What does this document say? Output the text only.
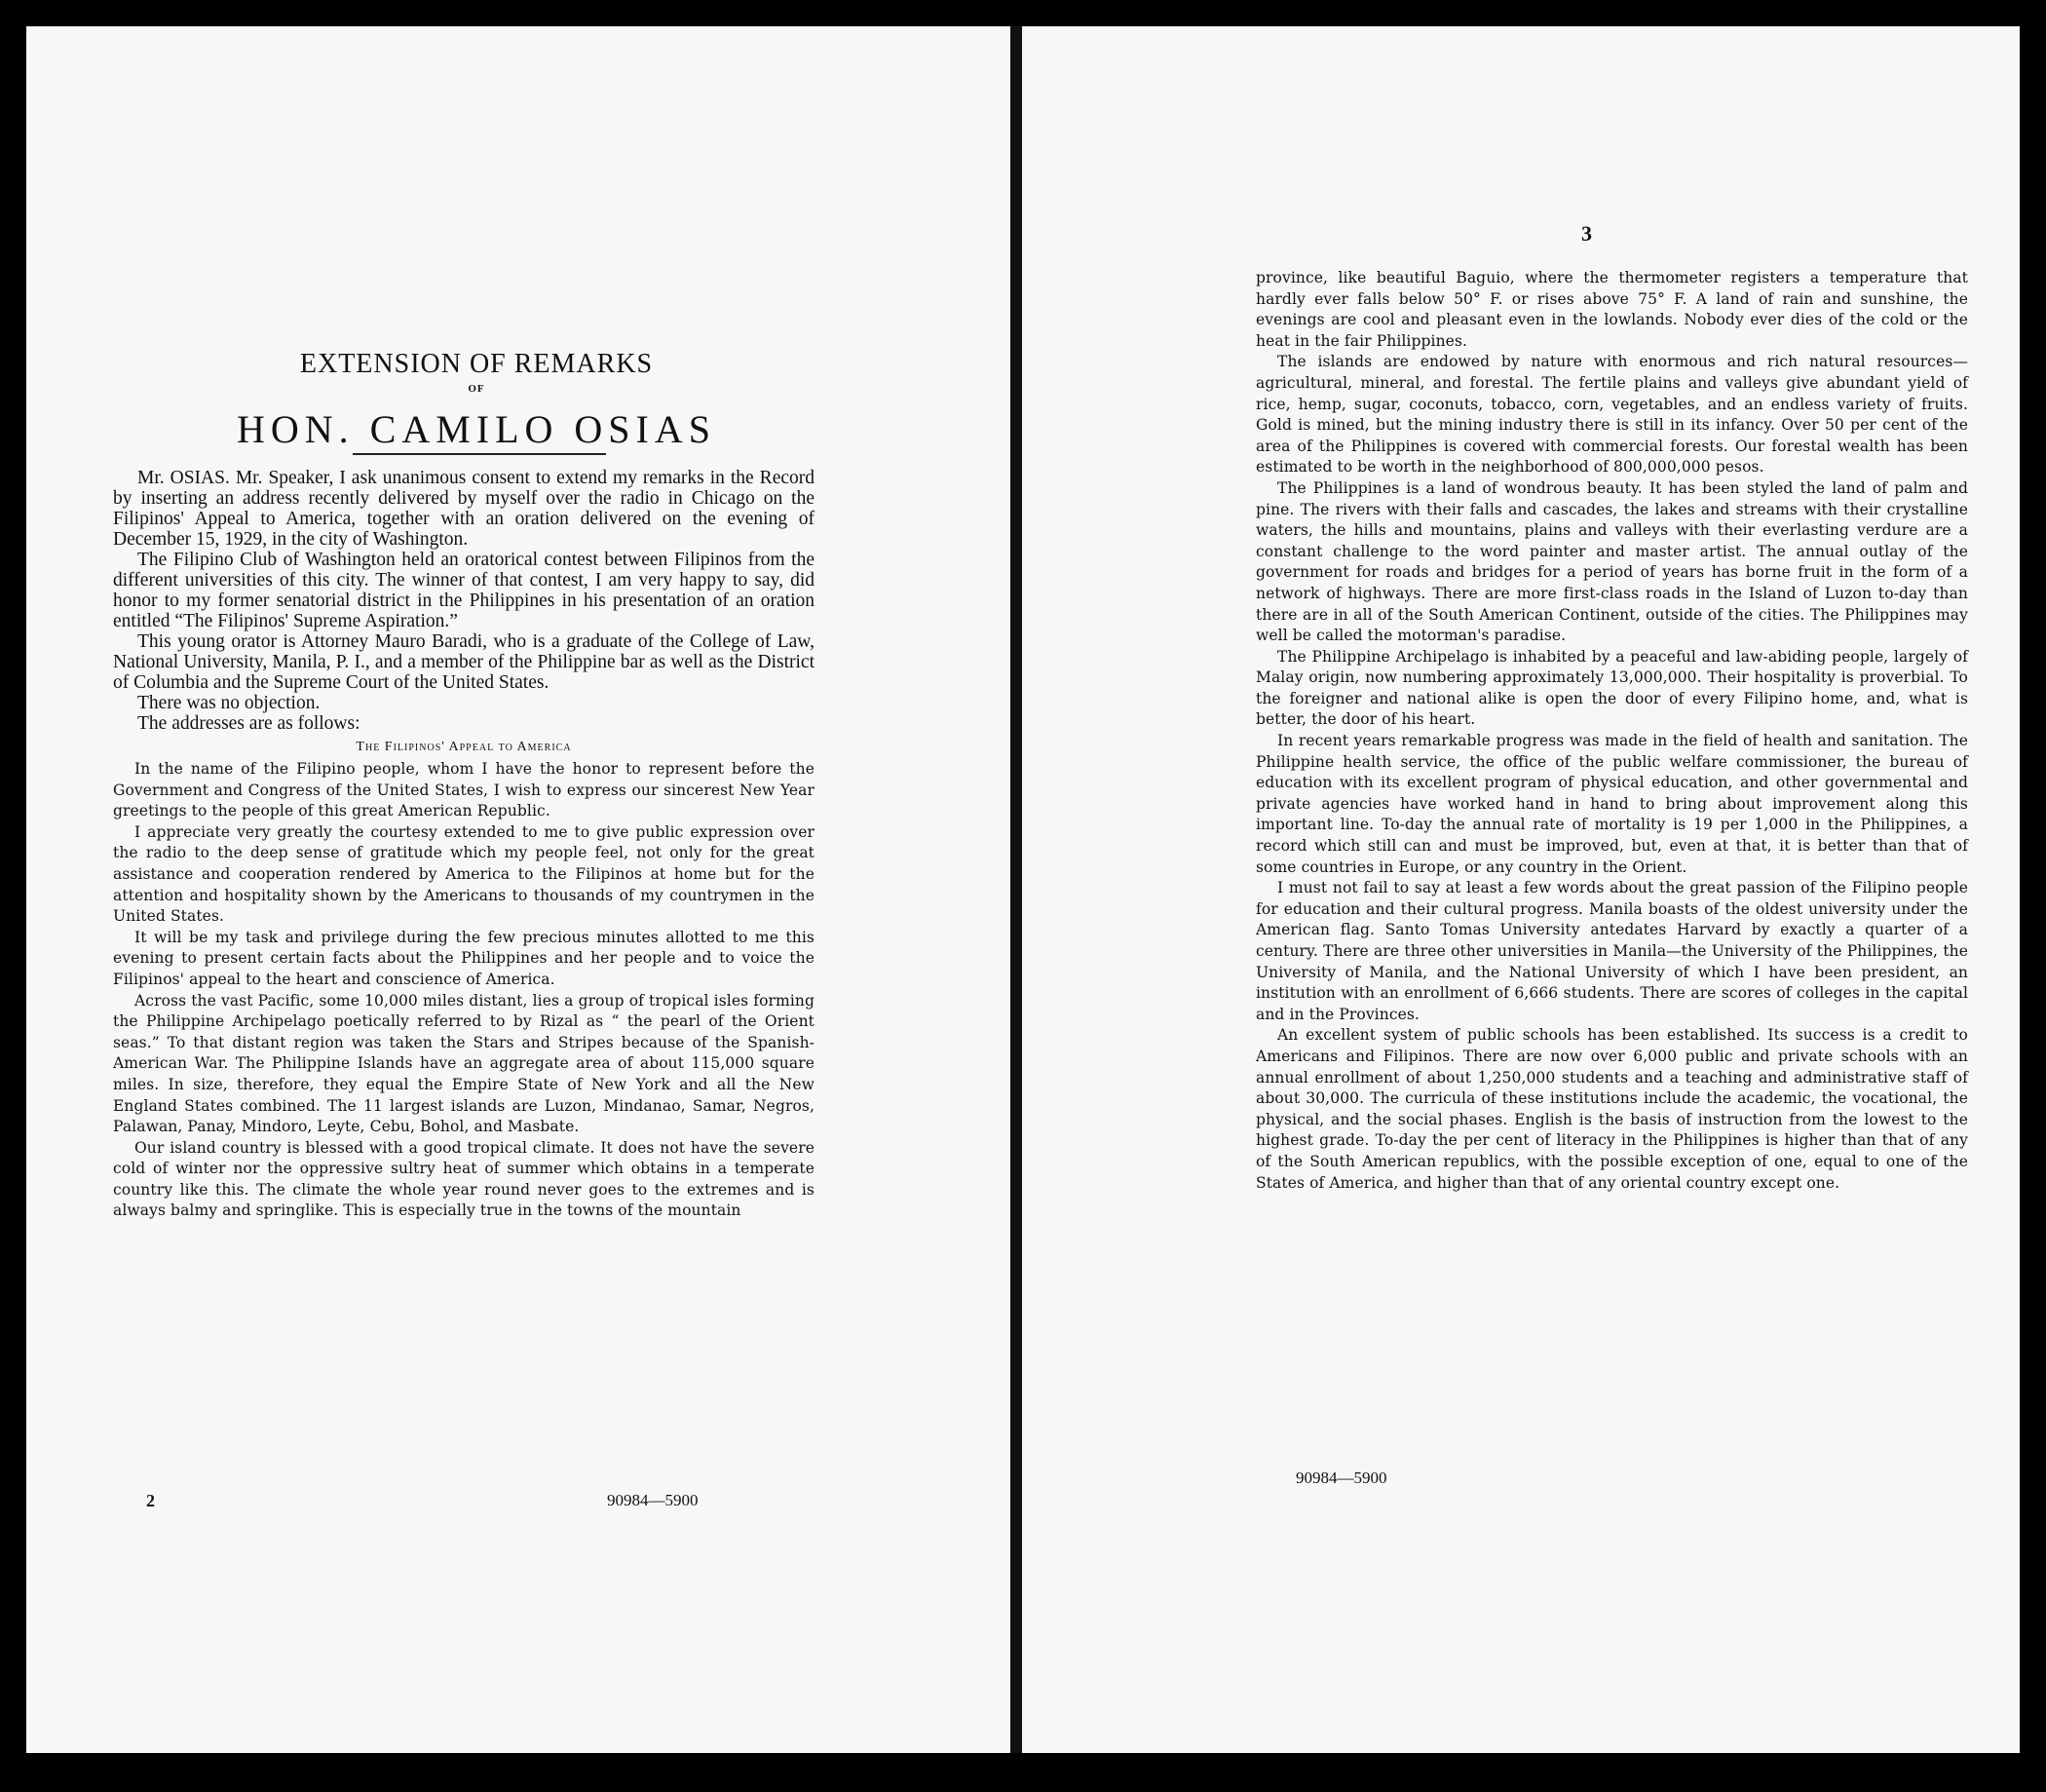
EXTENSION OF REMARKS
OF
HON. CAMILO OSIAS

Mr. OSIAS. Mr. Speaker, I ask unanimous consent to extend my remarks in the Record by inserting an address recently delivered by myself over the radio in Chicago on the Filipinos' Appeal to America, together with an oration delivered on the evening of December 15, 1929, in the city of Washington.

The Filipino Club of Washington held an oratorical contest between Filipinos from the different universities of this city. The winner of that contest, I am very happy to say, did honor to my former senatorial district in the Philippines in his presentation of an oration entitled “The Filipinos' Supreme Aspiration.”

This young orator is Attorney Mauro Baradi, who is a graduate of the College of Law, National University, Manila, P. I., and a member of the Philippine bar as well as the District of Columbia and the Supreme Court of the United States.

There was no objection.

The addresses are as follows:

The Filipinos' Appeal to America

In the name of the Filipino people, whom I have the honor to represent before the Government and Congress of the United States, I wish to express our sincerest New Year greetings to the people of this great American Republic.

I appreciate very greatly the courtesy extended to me to give public expression over the radio to the deep sense of gratitude which my people feel, not only for the great assistance and cooperation rendered by America to the Filipinos at home but for the attention and hospitality shown by the Americans to thousands of my countrymen in the United States.

It will be my task and privilege during the few precious minutes allotted to me this evening to present certain facts about the Philippines and her people and to voice the Filipinos' appeal to the heart and conscience of America.

Across the vast Pacific, some 10,000 miles distant, lies a group of tropical isles forming the Philippine Archipelago poetically referred to by Rizal as “ the pearl of the Orient seas.” To that distant region was taken the Stars and Stripes because of the Spanish-American War. The Philippine Islands have an aggregate area of about 115,000 square miles. In size, therefore, they equal the Empire State of New York and all the New England States combined. The 11 largest islands are Luzon, Mindanao, Samar, Negros, Palawan, Panay, Mindoro, Leyte, Cebu, Bohol, and Masbate.

Our island country is blessed with a good tropical climate. It does not have the severe cold of winter nor the oppressive sultry heat of summer which obtains in a temperate country like this. The climate the whole year round never goes to the extremes and is always balmy and springlike. This is especially true in the towns of the mountain

2	90984—5900
3

province, like beautiful Baguio, where the thermometer registers a temperature that hardly ever falls below 50° F. or rises above 75° F. A land of rain and sunshine, the evenings are cool and pleasant even in the lowlands. Nobody ever dies of the cold or the heat in the fair Philippines.

The islands are endowed by nature with enormous and rich natural resources—agricultural, mineral, and forestal. The fertile plains and valleys give abundant yield of rice, hemp, sugar, coconuts, tobacco, corn, vegetables, and an endless variety of fruits. Gold is mined, but the mining industry there is still in its infancy. Over 50 per cent of the area of the Philippines is covered with commercial forests. Our forestal wealth has been estimated to be worth in the neighborhood of 800,000,000 pesos.

The Philippines is a land of wondrous beauty. It has been styled the land of palm and pine. The rivers with their falls and cascades, the lakes and streams with their crystalline waters, the hills and mountains, plains and valleys with their everlasting verdure are a constant challenge to the word painter and master artist. The annual outlay of the government for roads and bridges for a period of years has borne fruit in the form of a network of highways. There are more first-class roads in the Island of Luzon to-day than there are in all of the South American Continent, outside of the cities. The Philippines may well be called the motorman's paradise.

The Philippine Archipelago is inhabited by a peaceful and law-abiding people, largely of Malay origin, now numbering approximately 13,000,000. Their hospitality is proverbial. To the foreigner and national alike is open the door of every Filipino home, and, what is better, the door of his heart.

In recent years remarkable progress was made in the field of health and sanitation. The Philippine health service, the office of the public welfare commissioner, the bureau of education with its excellent program of physical education, and other governmental and private agencies have worked hand in hand to bring about improvement along this important line. To-day the annual rate of mortality is 19 per 1,000 in the Philippines, a record which still can and must be improved, but, even at that, it is better than that of some countries in Europe, or any country in the Orient.

I must not fail to say at least a few words about the great passion of the Filipino people for education and their cultural progress. Manila boasts of the oldest university under the American flag. Santo Tomas University antedates Harvard by exactly a quarter of a century. There are three other universities in Manila—the University of the Philippines, the University of Manila, and the National University of which I have been president, an institution with an enrollment of 6,666 students. There are scores of colleges in the capital and in the Provinces.

An excellent system of public schools has been established. Its success is a credit to Americans and Filipinos. There are now over 6,000 public and private schools with an annual enrollment of about 1,250,000 students and a teaching and administrative staff of about 30,000. The curricula of these institutions include the academic, the vocational, the physical, and the social phases. English is the basis of instruction from the lowest to the highest grade. To-day the per cent of literacy in the Philippines is higher than that of any of the South American republics, with the possible exception of one, equal to one of the States of America, and higher than that of any oriental country except one.

90984—5900
